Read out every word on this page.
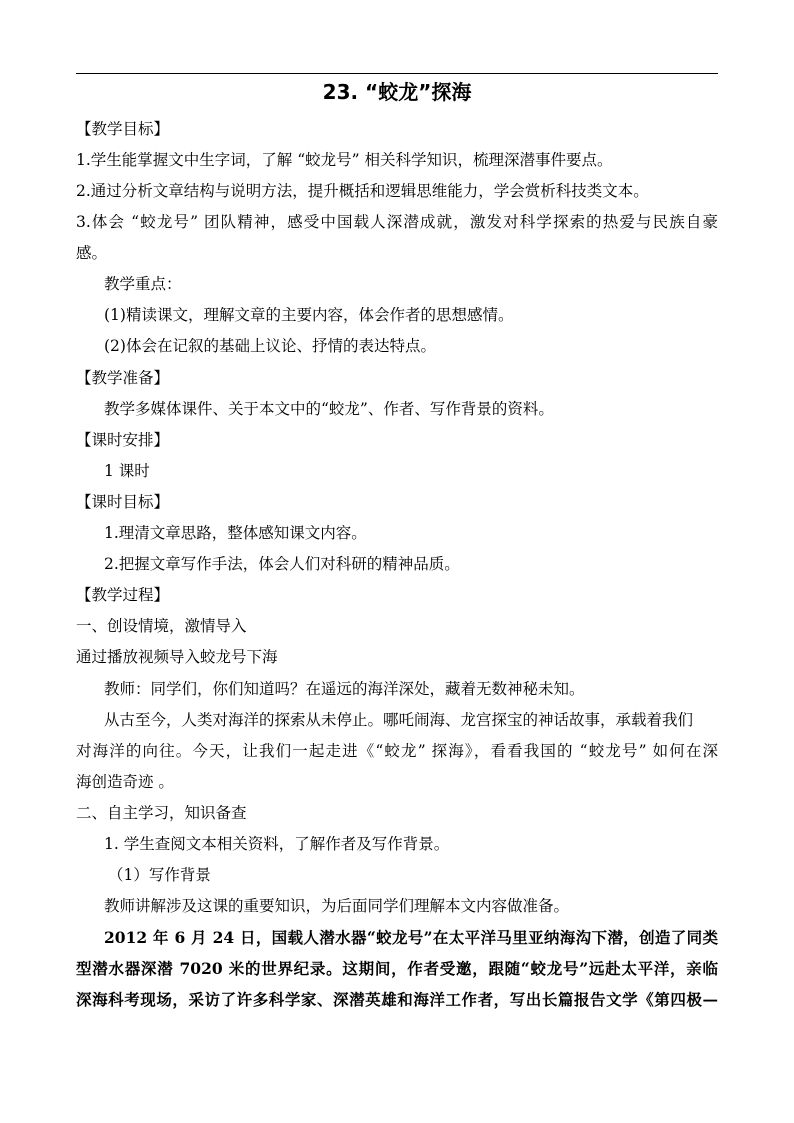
23. “蛟龙”探海
【教学目标】
1.学生能掌握文中生字词，了解 “蛟龙号” 相关科学知识，梳理深潜事件要点。
2.通过分析文章结构与说明方法，提升概括和逻辑思维能力，学会赏析科技类文本。
3.体会 “蛟龙号” 团队精神，感受中国载人深潜成就，激发对科学探索的热爱与民族自豪
感。
教学重点：
(1)精读课文，理解文章的主要内容，体会作者的思想感情。
(2)体会在记叙的基础上议论、抒情的表达特点。
【教学准备】
教学多媒体课件、关于本文中的“蛟龙”、作者、写作背景的资料。
【课时安排】
1 课时
【课时目标】
1.理清文章思路，整体感知课文内容。
2.把握文章写作手法，体会人们对科研的精神品质。
【教学过程】
一、创设情境，激情导入
通过播放视频导入蛟龙号下海
教师：同学们，你们知道吗？在遥远的海洋深处，藏着无数神秘未知。
从古至今，人类对海洋的探索从未停止。哪吒闹海、龙宫探宝的神话故事，承载着我们
对海洋的向往。今天，让我们一起走进《“蛟龙” 探海》，看看我国的 “蛟龙号” 如何在深
海创造奇迹 。
二、自主学习，知识备查
1. 学生查阅文本相关资料，了解作者及写作背景。
（1）写作背景
教师讲解涉及这课的重要知识，为后面同学们理解本文内容做准备。
2012 年 6 月 24 日，国载人潜水器“蛟龙号”在太平洋马里亚纳海沟下潜，创造了同类
型潜水器深潜 7020 米的世界纪录。这期间，作者受邀，跟随“蛟龙号”远赴太平洋，亲临
深海科考现场，采访了许多科学家、深潜英雄和海洋工作者，写出长篇报告文学《第四极—
